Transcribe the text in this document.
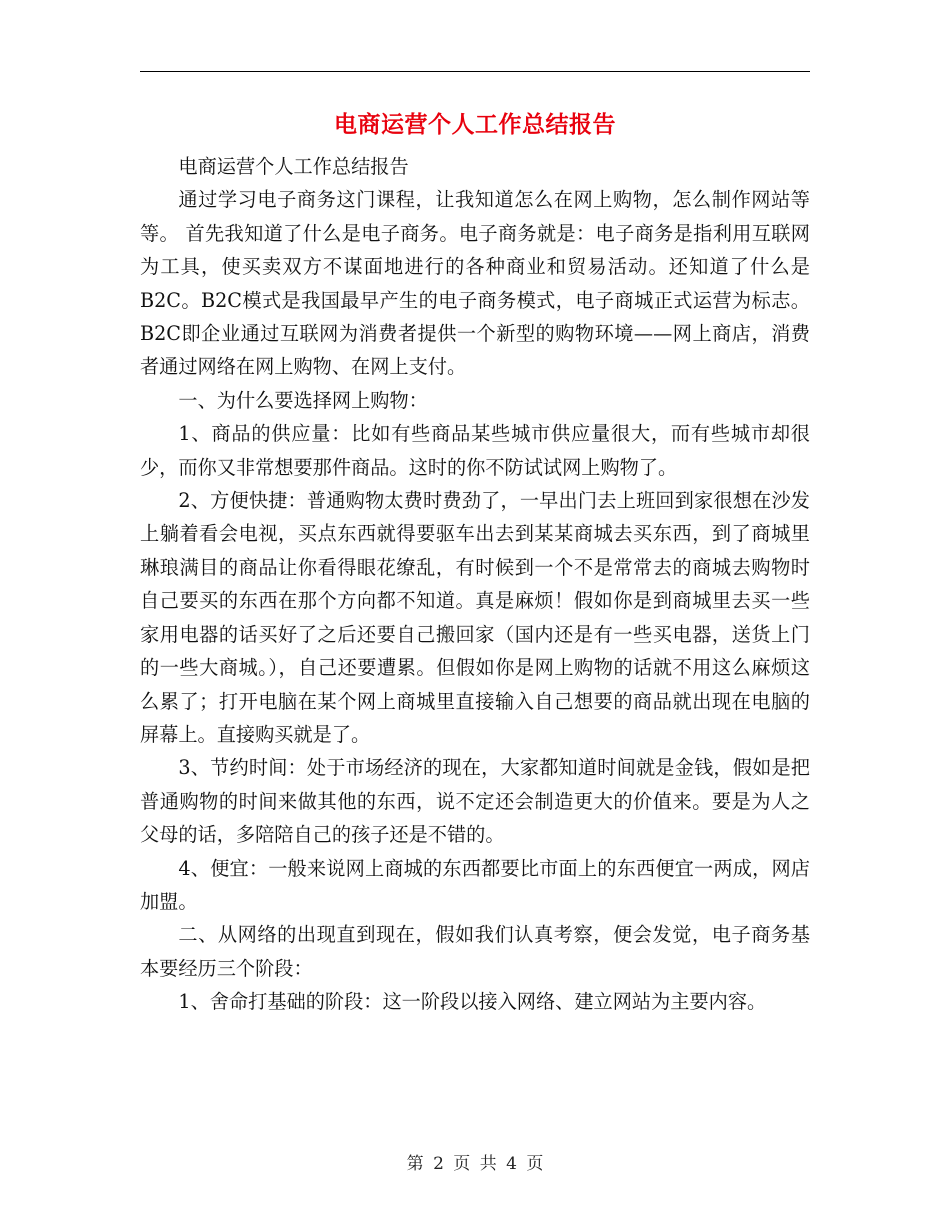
电商运营个人工作总结报告

电商运营个人工作总结报告

通过学习电子商务这门课程，让我知道怎么在网上购物，怎么制作网站等等。 首先我知道了什么是电子商务。电子商务就是：电子商务是指利用互联网为工具，使买卖双方不谋面地进行的各种商业和贸易活动。还知道了什么是B2C。B2C模式是我国最早产生的电子商务模式，电子商城正式运营为标志。B2C即企业通过互联网为消费者提供一个新型的购物环境——网上商店，消费者通过网络在网上购物、在网上支付。

一、为什么要选择网上购物：

1、商品的供应量：比如有些商品某些城市供应量很大，而有些城市却很少，而你又非常想要那件商品。这时的你不防试试网上购物了。

2、方便快捷：普通购物太费时费劲了，一早出门去上班回到家很想在沙发上躺着看会电视，买点东西就得要驱车出去到某某商城去买东西，到了商城里琳琅满目的商品让你看得眼花缭乱，有时候到一个不是常常去的商城去购物时自己要买的东西在那个方向都不知道。真是麻烦！假如你是到商城里去买一些家用电器的话买好了之后还要自己搬回家（国内还是有一些买电器，送货上门的一些大商城。），自己还要遭累。但假如你是网上购物的话就不用这么麻烦这么累了；打开电脑在某个网上商城里直接输入自己想要的商品就出现在电脑的屏幕上。直接购买就是了。

3、节约时间：处于市场经济的现在，大家都知道时间就是金钱，假如是把普通购物的时间来做其他的东西，说不定还会制造更大的价值来。要是为人之父母的话，多陪陪自己的孩子还是不错的。

4、便宜：一般来说网上商城的东西都要比市面上的东西便宜一两成，网店加盟。

二、从网络的出现直到现在，假如我们认真考察，便会发觉，电子商务基本要经历三个阶段：

1、舍命打基础的阶段：这一阶段以接入网络、建立网站为主要内容。

第 2 页 共 4 页
